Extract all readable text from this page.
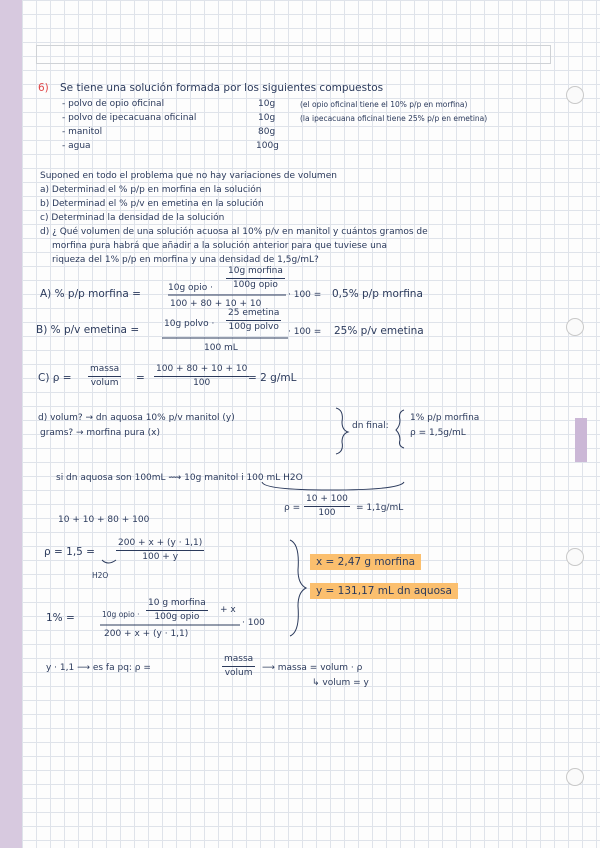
6) Se tiene una solución formada por los siguientes compuestos
- polvo de opio oficinal	10g	(el opio oficinal tiene el 10% p/p en morfina)
- polvo de ipecacuana oficinal	10g	(la ipecacuana oficinal tiene 25% p/p en emetina)
- manitol	80g
- agua	100g
Suponed en todo el problema que no hay variaciones de volumen
a) Determinad el % p/p en morfina en la solución
b) Determinad el % p/v en emetina en la solución
c) Determinad la densidad de la solución
d) ¿ Qué volumen de una solución acuosa al 10% p/v en manitol y cuántos gramos de
morfina pura habrá que añadir a la solución anterior para que tuviese una
riqueza del 1% p/p en morfina y una densidad de 1,5g/mL?
A) % p/p morfina =	10g opio ·
10g morfina
100g opio
100 + 80 + 10 + 10
· 100 = 0,5% p/p morfina
B) % p/v emetina =	10g polvo ·
25 emetina
100g polvo
100 mL
· 100 = 25% p/v emetina
C) ρ =
massa
volum = $\frac{100 + 80 + 10 + 10}{100}$
= 2 g/mL
d) volum? → dn aquosa 10% p/v manitol (y)
grams? → morfina pura (x)
dn final:
1% p/p morfina
ρ = 1,5g/mL
si dn aquosa son 100mL ⟿ 10g manitol i 100 mL H2O
$\rho = \frac{10 + 100}{100} = 1,1g/mL$
10 + 10 + 80 + 100
$\rho = 1,5 = \frac{200 + x + (y \cdot 1,1)}{100 + y}$
H2O
1% =	10g opio ·
10 g morfina
100g opio
+ x
200 + x + (y · 1,1)
· 100
x = 2,47 g morfina
y = 131,17 mL dn aquosa
y · 1,1 ⟶ es fa pq: ρ =
massa
volum ⟶ massa = volum · ρ
↳ volum = y
